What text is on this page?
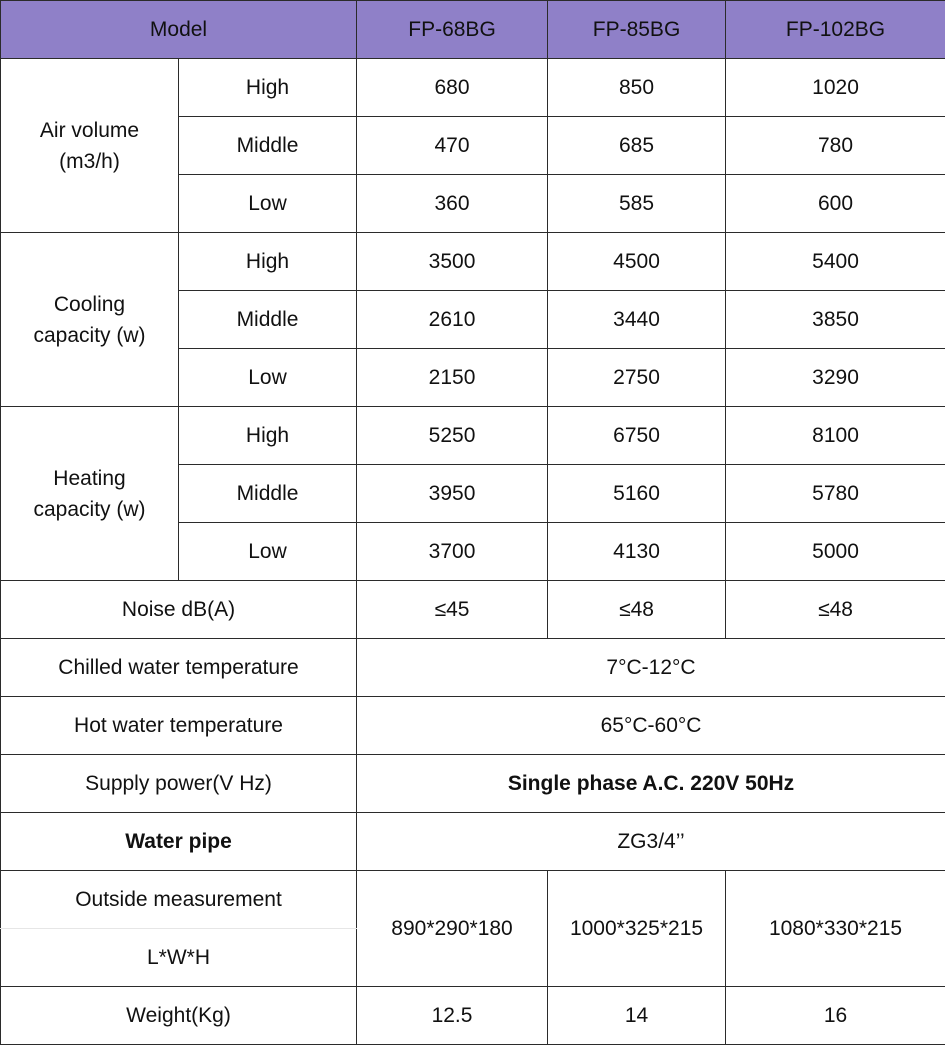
Model		FP-68BG	FP-85BG	FP-102BG

Air volume
(m3/h)	High	680	850	1020
	Middle	470	685	780
	Low	360	585	600

Cooling
capacity (w)	High	3500	4500	5400
	Middle	2610	3440	3850
	Low	2150	2750	3290

Heating
capacity (w)	High	5250	6750	8100
	Middle	3950	5160	5780
	Low	3700	4130	5000
Noise dB(A)		≤45	≤48	≤48
Chilled water temperature		7°C-12°C		
Hot water temperature		65°C-60°C		
Supply power(V Hz)		Single phase A.C. 220V 50Hz		
Water pipe		ZG3/4’’		
Outside measurement		890*290*180	1000*325*215	1080*330*215
L*W*H				
Weight(Kg)		12.5	14	16
